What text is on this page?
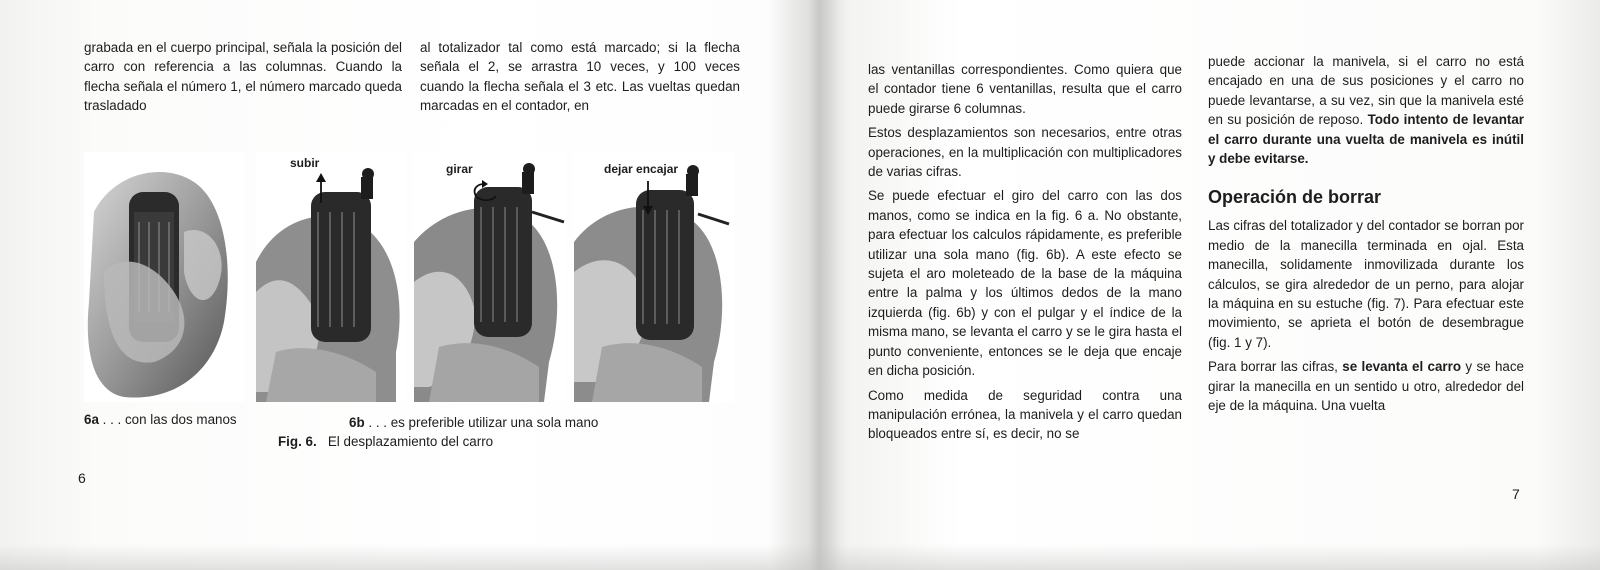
grabada en el cuerpo principal, señala la posición del carro con referencia a las columnas. Cuando la flecha señala el número 1, el número marcado queda trasladado

al totalizador tal como está marcado; si la flecha señala el 2, se arrastra 10 veces, y 100 veces cuando la flecha señala el 3 etc. Las vueltas quedan marcadas en el contador, en

subir	girar	dejar encajar
6a . . . con las dos manos	6b . . . es preferible utilizar una sola mano
Fig. 6. El desplazamiento del carro
6

las ventanillas correspondientes. Como quiera que el contador tiene 6 ventanillas, resulta que el carro puede girarse 6 columnas.

Estos desplazamientos son necesarios, entre otras operaciones, en la multiplicación con multiplicadores de varias cifras.

Se puede efectuar el giro del carro con las dos manos, como se indica en la fig. 6 a. No obstante, para efectuar los calculos rápidamente, es preferible utilizar una sola mano (fig. 6b). A este efecto se sujeta el aro moleteado de la base de la máquina entre la palma y los últimos dedos de la mano izquierda (fig. 6b) y con el pulgar y el índice de la misma mano, se levanta el carro y se le gira hasta el punto conveniente, entonces se le deja que encaje en dicha posición.

Como medida de seguridad contra una manipulación errónea, la manivela y el carro quedan bloqueados entre sí, es decir, no se

puede accionar la manivela, si el carro no está encajado en una de sus posiciones y el carro no puede levantarse, a su vez, sin que la manivela esté en su posición de reposo. Todo intento de levantar el carro durante una vuelta de manivela es inútil y debe evitarse.

Operación de borrar

Las cifras del totalizador y del contador se borran por medio de la manecilla terminada en ojal. Esta manecilla, solidamente inmovilizada durante los cálculos, se gira alrededor de un perno, para alojar la máquina en su estuche (fig. 7). Para efectuar este movimiento, se aprieta el botón de desembrague (fig. 1 y 7).

Para borrar las cifras, se levanta el carro y se hace girar la manecilla en un sentido u otro, alrededor del eje de la máquina. Una vuelta

7
